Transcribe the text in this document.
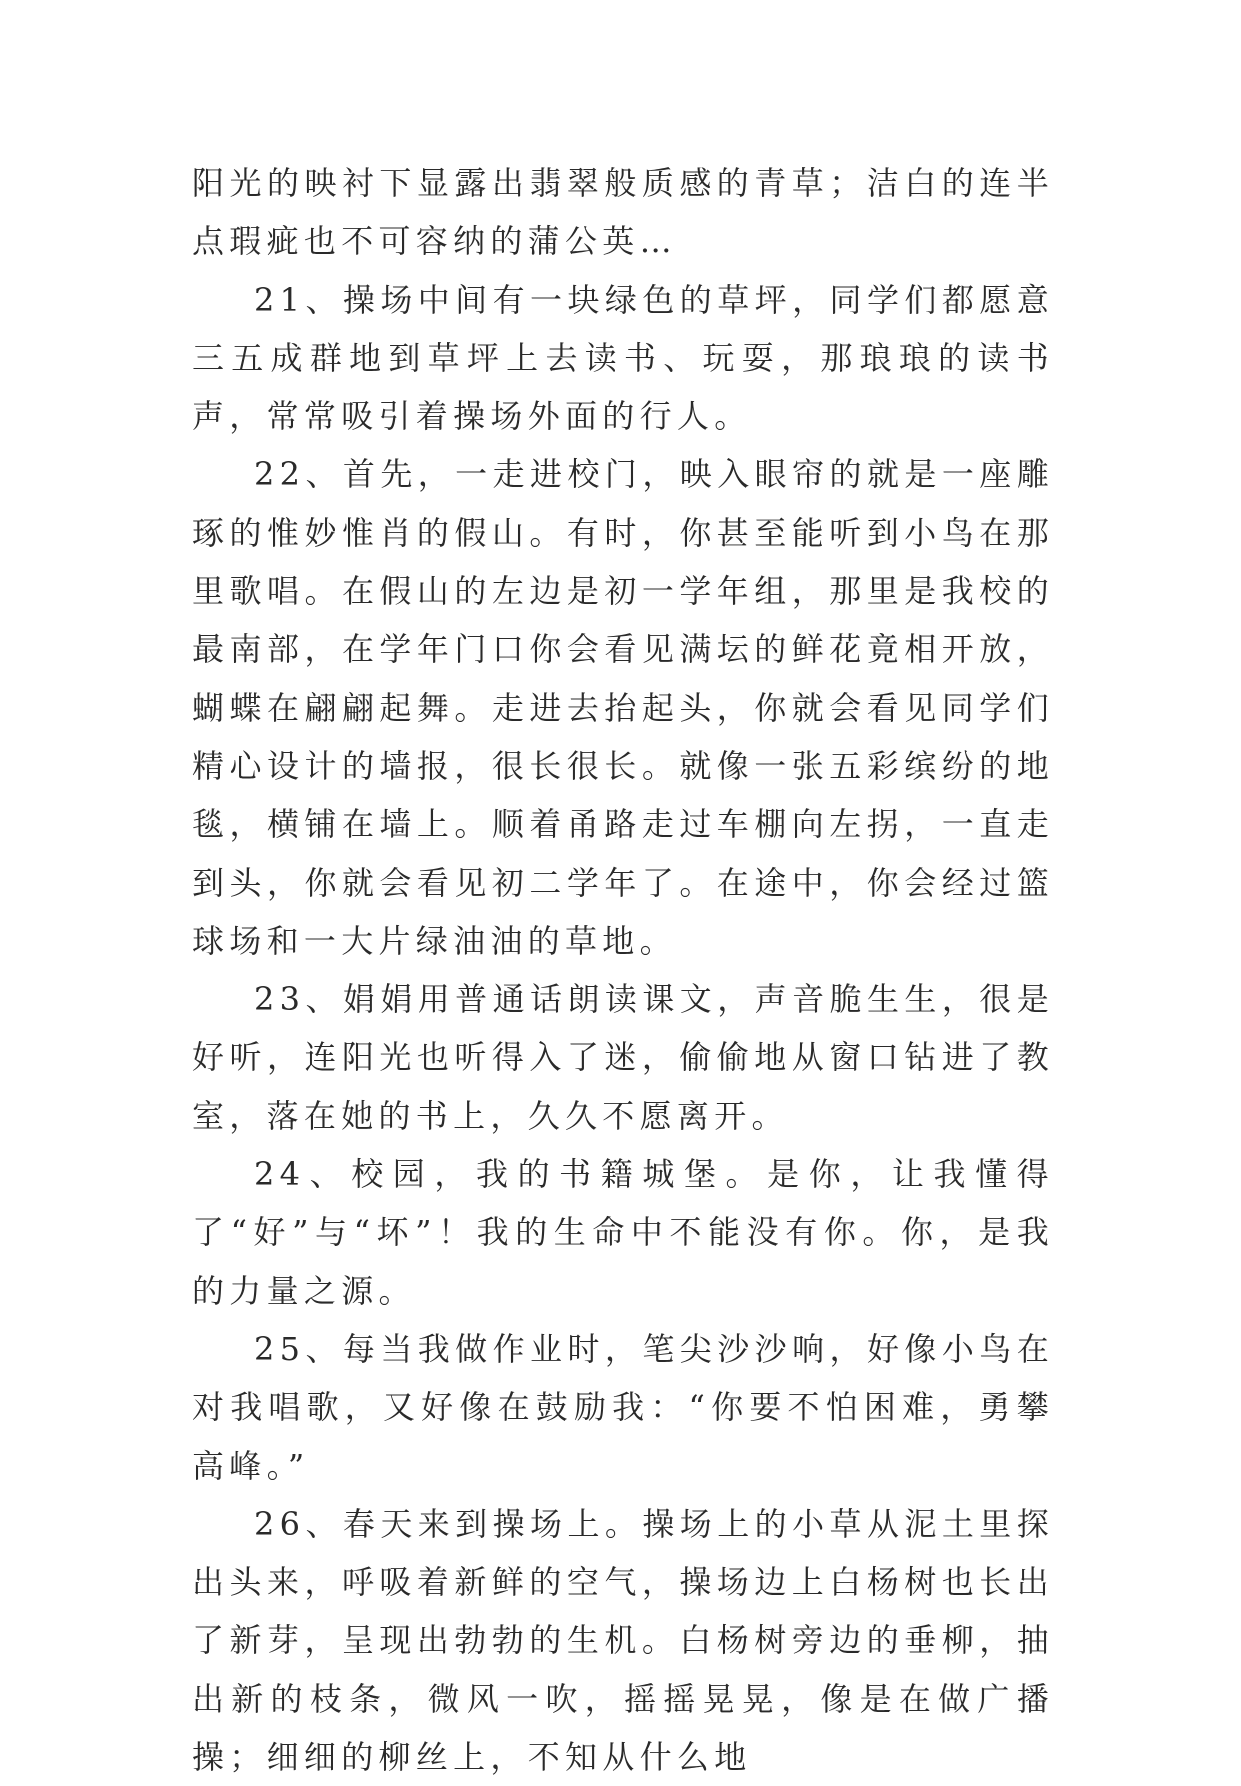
阳光的映衬下显露出翡翠般质感的青草；洁白的连半点瑕疵也不可容纳的蒲公英…

21、操场中间有一块绿色的草坪，同学们都愿意三五成群地到草坪上去读书、玩耍，那琅琅的读书声，常常吸引着操场外面的行人。

22、首先，一走进校门，映入眼帘的就是一座雕琢的惟妙惟肖的假山。有时，你甚至能听到小鸟在那里歌唱。在假山的左边是初一学年组，那里是我校的最南部，在学年门口你会看见满坛的鲜花竟相开放，蝴蝶在翩翩起舞。走进去抬起头，你就会看见同学们精心设计的墙报，很长很长。就像一张五彩缤纷的地毯，横铺在墙上。顺着甬路走过车棚向左拐，一直走到头，你就会看见初二学年了。在途中，你会经过篮球场和一大片绿油油的草地。

23、娟娟用普通话朗读课文，声音脆生生，很是好听，连阳光也听得入了迷，偷偷地从窗口钻进了教室，落在她的书上，久久不愿离开。

24、校园，我的书籍城堡。是你，让我懂得了“好”与“坏”！我的生命中不能没有你。你，是我的力量之源。

25、每当我做作业时，笔尖沙沙响，好像小鸟在对我唱歌，又好像在鼓励我：“你要不怕困难，勇攀高峰。”

26、春天来到操场上。操场上的小草从泥土里探出头来，呼吸着新鲜的空气，操场边上白杨树也长出了新芽，呈现出勃勃的生机。白杨树旁边的垂柳，抽出新的枝条，微风一吹，摇摇晃晃，像是在做广播操；细细的柳丝上，不知从什么地
